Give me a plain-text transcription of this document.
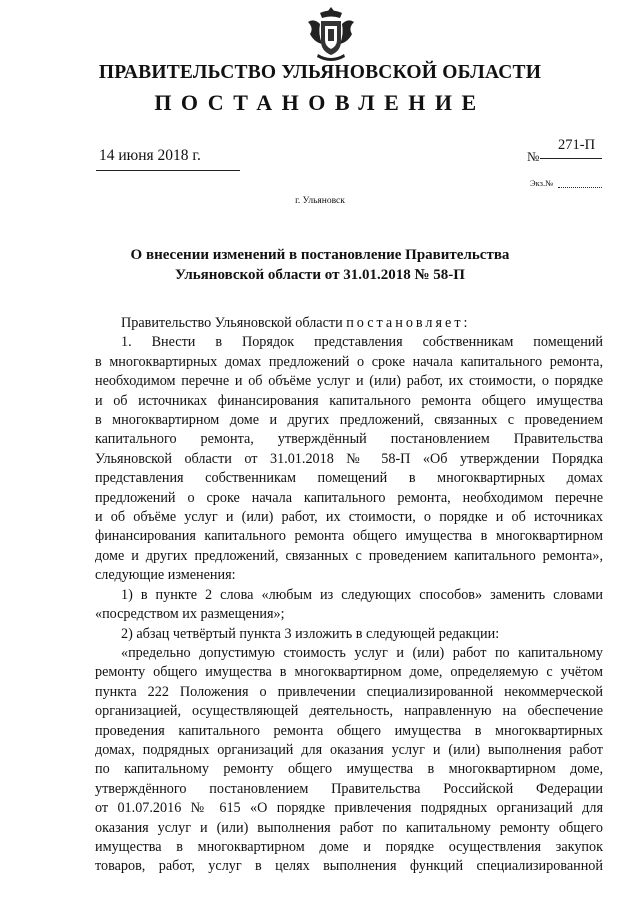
ПРАВИТЕЛЬСТВО УЛЬЯНОВСКОЙ ОБЛАСТИ
ПОСТАНОВЛЕНИЕ
14 июня 2018 г.	№
271-П
Экз.№
г. Ульяновск
О внесении изменений в постановление Правительства
Ульяновской области от 31.01.2018 № 58-П
Правительство Ульяновской области постановляет:
1. Внести в Порядок представления собственникам помещений
в многоквартирных домах предложений о сроке начала капитального ремонта,
необходимом перечне и об объёме услуг и (или) работ, их стоимости, о порядке
и об источниках финансирования капитального ремонта общего имущества
в многоквартирном доме и других предложений, связанных с проведением
капитального ремонта, утверждённый постановлением Правительства
Ульяновской области от 31.01.2018 № 58-П «Об утверждении Порядка
представления собственникам помещений в многоквартирных домах
предложений о сроке начала капитального ремонта, необходимом перечне
и об объёме услуг и (или) работ, их стоимости, о порядке и об источниках
финансирования капитального ремонта общего имущества в многоквартирном
доме и других предложений, связанных с проведением капитального ремонта»,
следующие изменения:
1) в пункте 2 слова «любым из следующих способов» заменить словами
«посредством их размещения»;
2) абзац четвёртый пункта 3 изложить в следующей редакции:
«предельно допустимую стоимость услуг и (или) работ по капитальному
ремонту общего имущества в многоквартирном доме, определяемую с учётом
пункта 222 Положения о привлечении специализированной некоммерческой
организацией, осуществляющей деятельность, направленную на обеспечение
проведения капитального ремонта общего имущества в многоквартирных
домах, подрядных организаций для оказания услуг и (или) выполнения работ
по капитальному ремонту общего имущества в многоквартирном доме,
утверждённого постановлением Правительства Российской Федерации
от 01.07.2016 № 615 «О порядке привлечения подрядных организаций для
оказания услуг и (или) выполнения работ по капитальному ремонту общего
имущества в многоквартирном доме и порядке осуществления закупок
товаров, работ, услуг в целях выполнения функций специализированной
